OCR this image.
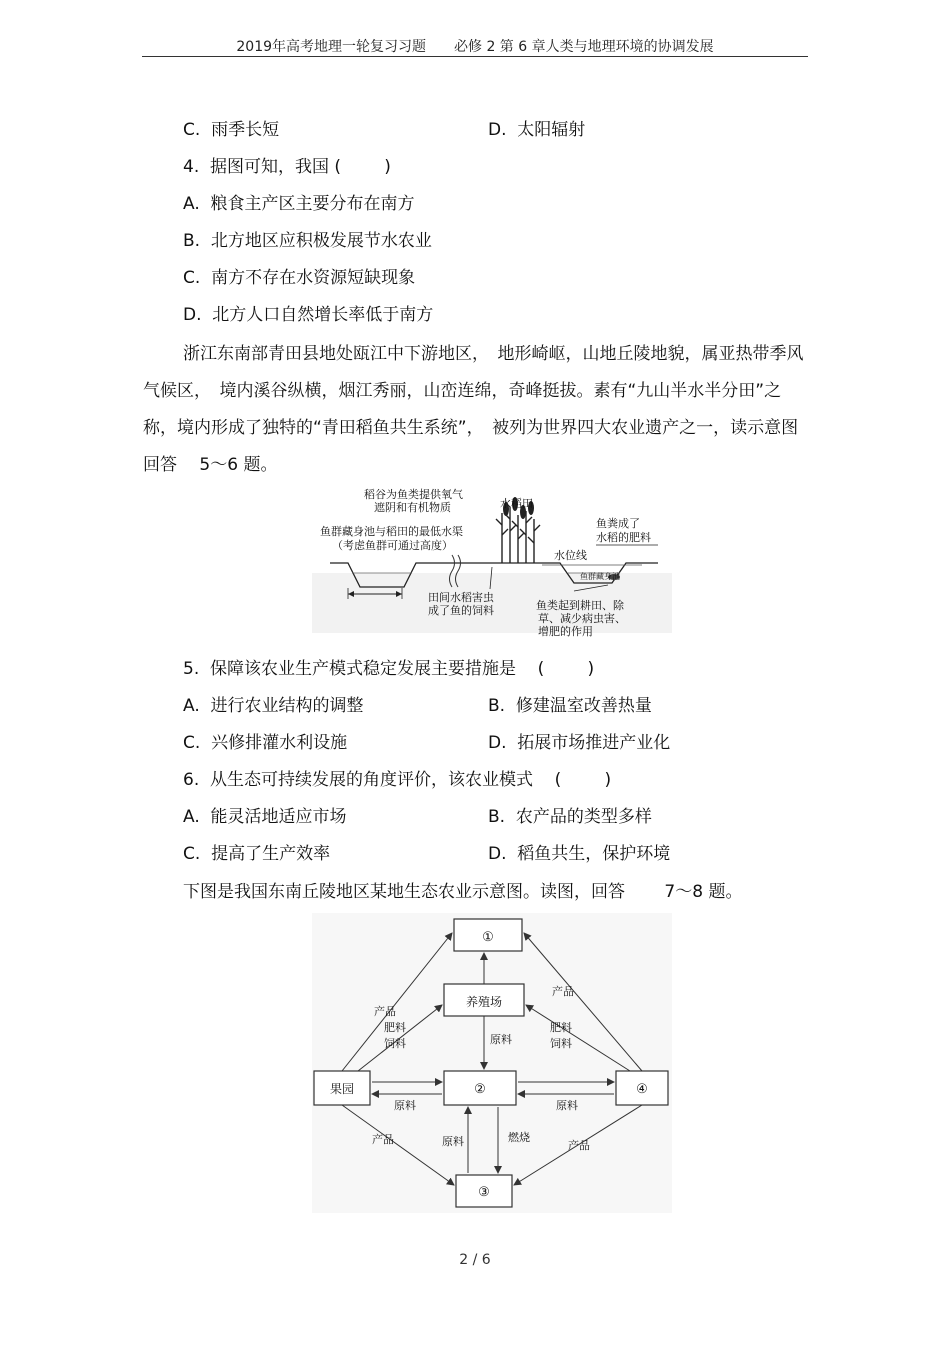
2019年高考地理一轮复习习题　　必修 2 第 6 章人类与地理环境的协调发展
C.  雨季长短	D.  太阳辐射
4.  据图可知，我国 (        )
A.  粮食主产区主要分布在南方
B.  北方地区应积极发展节水农业
C.  南方不存在水资源短缺现象
D.  北方人口自然增长率低于南方
浙江东南部青田县地处瓯江中下游地区，　地形崎岖，山地丘陵地貌，属亚热带季风气候区，　境内溪谷纵横，烟江秀丽，山峦连绵，奇峰挺拔。素有“九山半水半分田”之称，境内形成了独特的“青田稻鱼共生系统”，　被列为世界四大农业遗产之一，读示意图回答　 5～6 题。
稻谷为鱼类提供氧气
遮阴和有机物质	水稻田
鱼群藏身池与稻田的最低水渠
（考虑鱼群可通过高度）
鱼粪成了
水稻的肥料
水位线
鱼群藏身池
田间水稻害虫
成了鱼的饲料	鱼类起到耕田、除
草、减少病虫害、
增肥的作用
5.  保障该农业生产模式稳定发展主要措施是    (        )
A.  进行农业结构的调整	B.  修建温室改善热量
C.  兴修排灌水利设施	D.  拓展市场推进产业化
6.  从生态可持续发展的角度评价，该农业模式    (        )
A.  能灵活地适应市场	B.  农产品的类型多样
C.  提高了生产效率	D.  稻鱼共生，保护环境
下图是我国东南丘陵地区某地生态农业示意图。读图，回答　　 7～8 题。
①
养殖场
果园	②	④
③
产品
产品
肥料
饲料
肥料
饲料
原料
原料	原料
产品	产品
原料	燃烧
2 / 6
